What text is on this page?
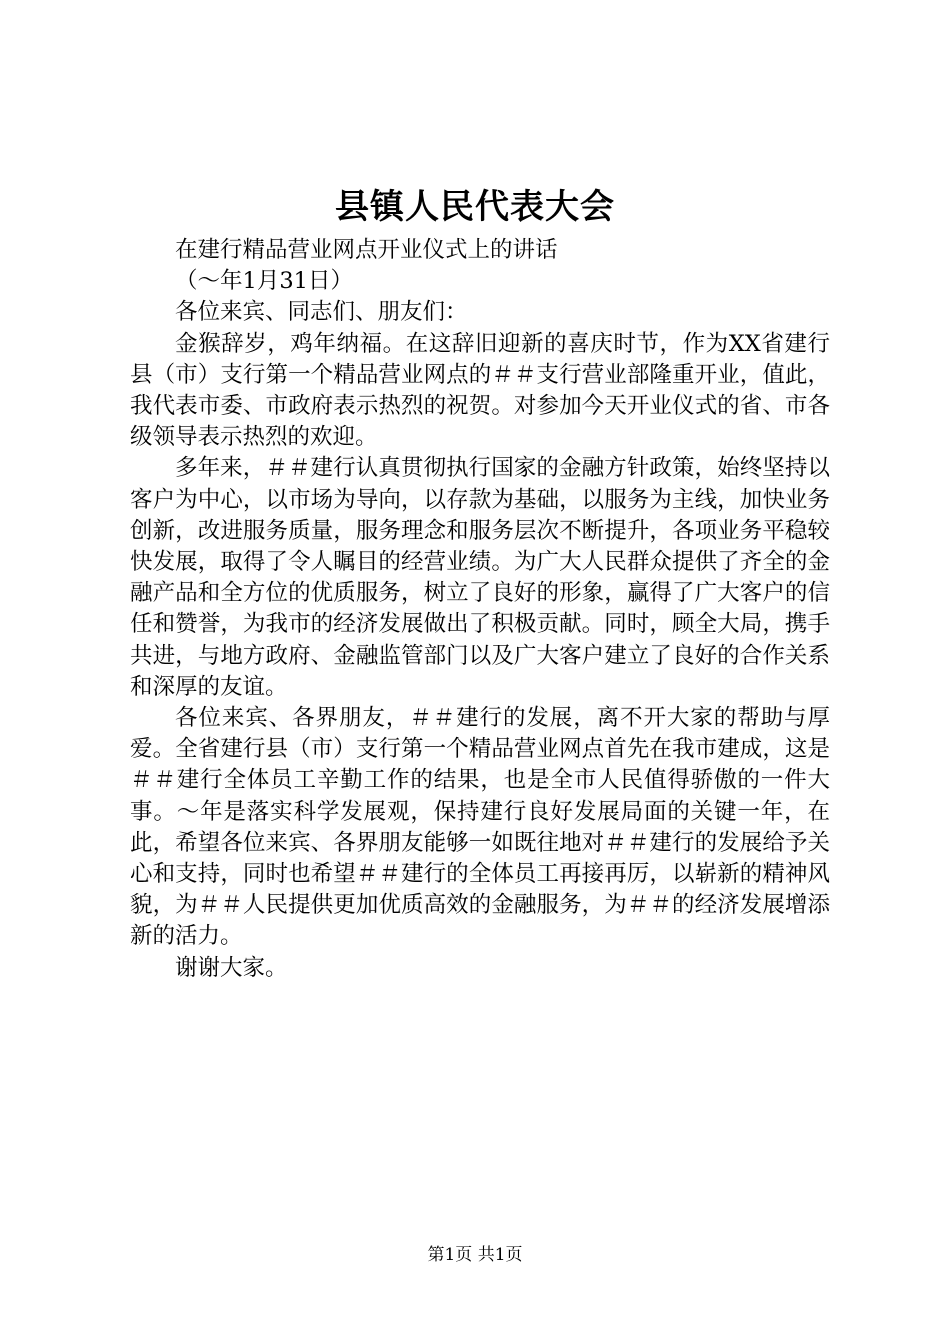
县镇人民代表大会

在建行精品营业网点开业仪式上的讲话

（～年1月31日）

各位来宾、同志们、朋友们：

金猴辞岁，鸡年纳福。在这辞旧迎新的喜庆时节，作为XX省建行县（市）支行第一个精品营业网点的＃＃支行营业部隆重开业，值此，我代表市委、市政府表示热烈的祝贺。对参加今天开业仪式的省、市各级领导表示热烈的欢迎。

多年来，＃＃建行认真贯彻执行国家的金融方针政策，始终坚持以客户为中心，以市场为导向，以存款为基础，以服务为主线，加快业务创新，改进服务质量，服务理念和服务层次不断提升，各项业务平稳较快发展，取得了令人瞩目的经营业绩。为广大人民群众提供了齐全的金融产品和全方位的优质服务，树立了良好的形象，赢得了广大客户的信任和赞誉，为我市的经济发展做出了积极贡献。同时，顾全大局，携手共进，与地方政府、金融监管部门以及广大客户建立了良好的合作关系和深厚的友谊。

各位来宾、各界朋友，＃＃建行的发展，离不开大家的帮助与厚爱。全省建行县（市）支行第一个精品营业网点首先在我市建成，这是＃＃建行全体员工辛勤工作的结果，也是全市人民值得骄傲的一件大事。～年是落实科学发展观，保持建行良好发展局面的关键一年，在此，希望各位来宾、各界朋友能够一如既往地对＃＃建行的发展给予关心和支持，同时也希望＃＃建行的全体员工再接再厉，以崭新的精神风貌，为＃＃人民提供更加优质高效的金融服务，为＃＃的经济发展增添新的活力。

谢谢大家。

第1页 共1页
